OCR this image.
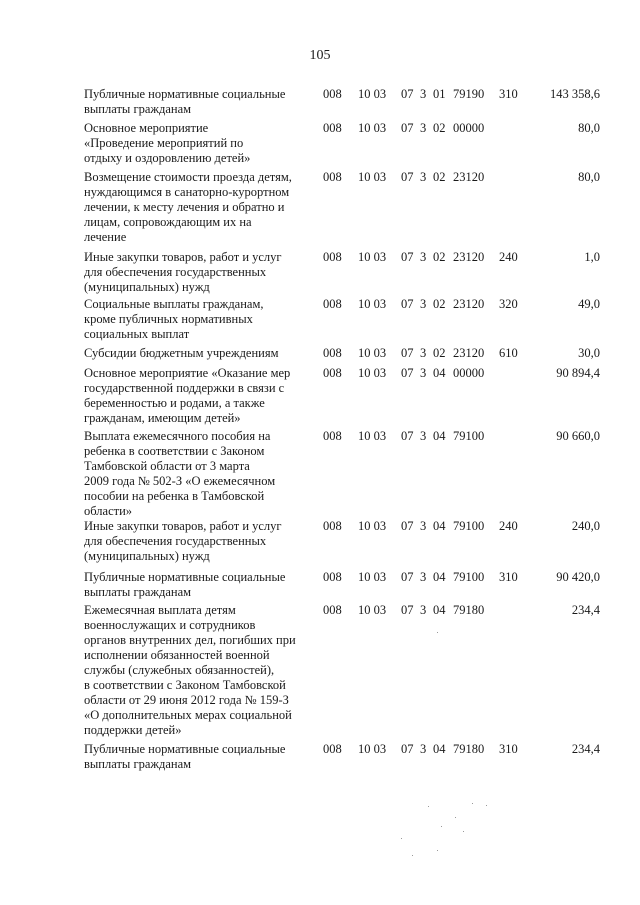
105
Публичные нормативные социальные
выплаты гражданам
008 10 03 07 3 01 79190 310	143 358,6
Основное мероприятие
«Проведение мероприятий по
отдыху и оздоровлению детей»
008 10 03 07 3 02 00000	80,0
Возмещение стоимости проезда детям,
нуждающимся в санаторно-курортном
лечении, к месту лечения и обратно и
лицам, сопровождающим их на
лечение
008 10 03 07 3 02 23120	80,0
Иные закупки товаров, работ и услуг
для обеспечения государственных
(муниципальных) нужд
008 10 03 07 3 02 23120 240	1,0
Социальные выплаты гражданам,
кроме публичных нормативных
социальных выплат
008 10 03 07 3 02 23120 320	49,0
Субсидии бюджетным учреждениям	008 10 03 07 3 02 23120 610	30,0
Основное мероприятие «Оказание мер
государственной поддержки в связи с
беременностью и родами, а также
гражданам, имеющим детей»
008 10 03 07 3 04 00000	90 894,4
Выплата ежемесячного пособия на
ребенка в соответствии с Законом
Тамбовской области от 3 марта
2009 года № 502-З «О ежемесячном
пособии на ребенка в Тамбовской
области»
008 10 03 07 3 04 79100	90 660,0
Иные закупки товаров, работ и услуг
для обеспечения государственных
(муниципальных) нужд
008 10 03 07 3 04 79100 240	240,0
Публичные нормативные социальные
выплаты гражданам
008 10 03 07 3 04 79100 310	90 420,0
Ежемесячная выплата детям
военнослужащих и сотрудников
органов внутренних дел, погибших при
исполнении обязанностей военной
службы (служебных обязанностей),
в соответствии с Законом Тамбовской
области от 29 июня 2012 года № 159-З
«О дополнительных мерах социальной
поддержки детей»
008 10 03 07 3 04 79180	234,4
Публичные нормативные социальные
выплаты гражданам
008 10 03 07 3 04 79180 310	234,4
